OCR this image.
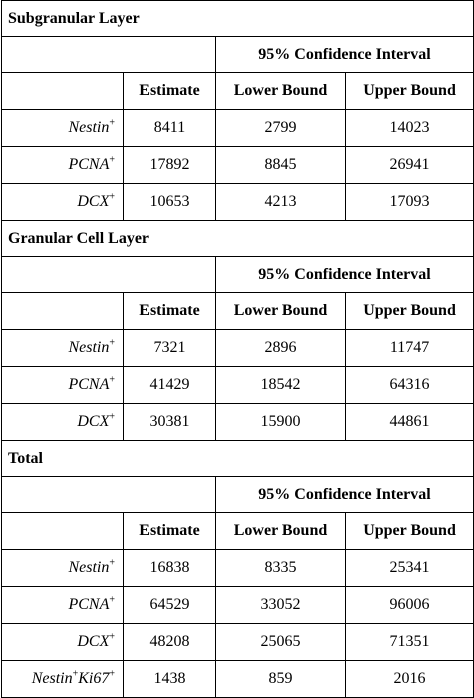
Subgranular Layer			
		95% Confidence Interval	
	Estimate	Lower Bound	Upper Bound
Nestin+	8411	2799	14023
PCNA+	17892	8845	26941
DCX+	10653	4213	17093
Granular Cell Layer			
		95% Confidence Interval	
	Estimate	Lower Bound	Upper Bound
Nestin+	7321	2896	11747
PCNA+	41429	18542	64316
DCX+	30381	15900	44861
Total			
		95% Confidence Interval	
	Estimate	Lower Bound	Upper Bound
Nestin+	16838	8335	25341
PCNA+	64529	33052	96006
DCX+	48208	25065	71351
Nestin+Ki67+	1438	859	2016
